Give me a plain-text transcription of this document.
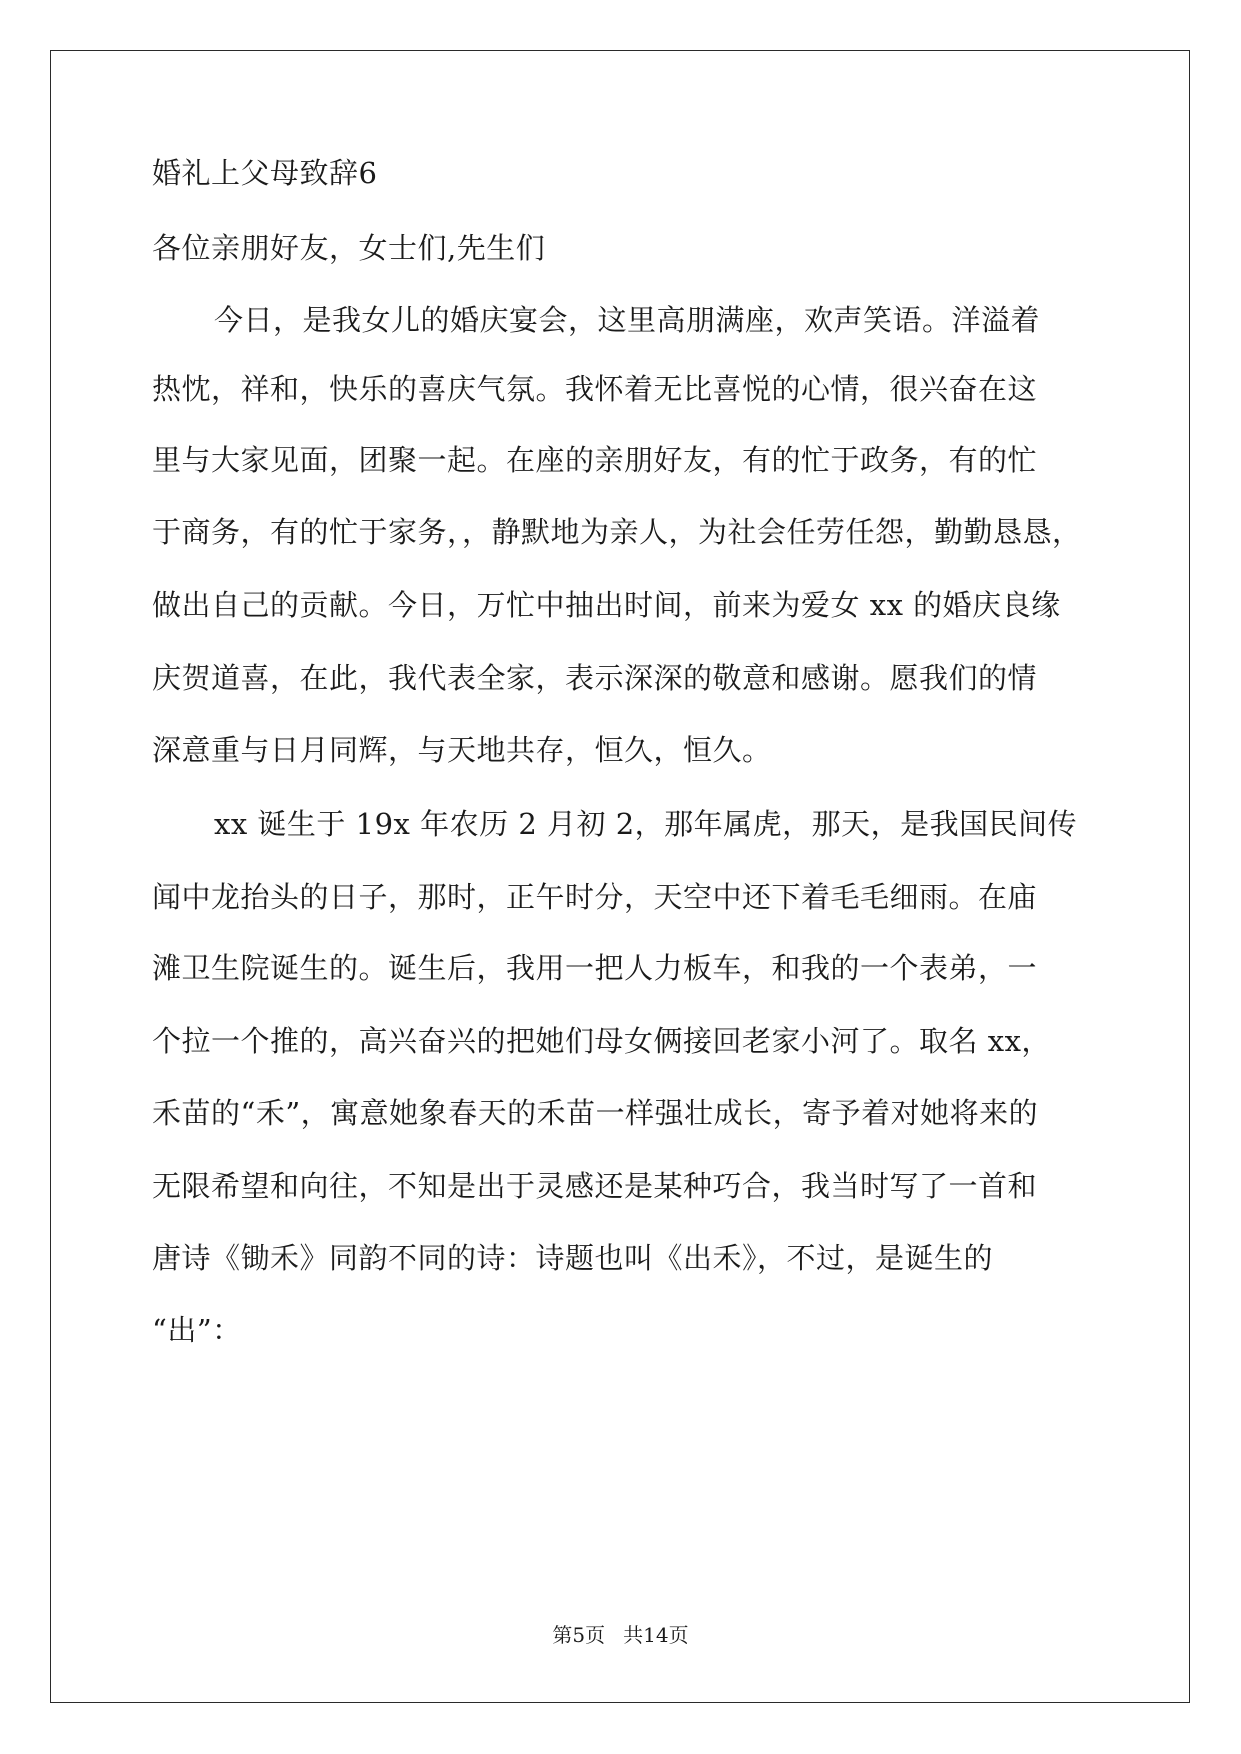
婚礼上父母致辞6
各位亲朋好友，女士们,先生们
今日，是我女儿的婚庆宴会，这里高朋满座，欢声笑语。洋溢着
热忱，祥和，快乐的喜庆气氛。我怀着无比喜悦的心情，很兴奋在这
里与大家见面，团聚一起。在座的亲朋好友，有的忙于政务，有的忙
于商务，有的忙于家务，，静默地为亲人，为社会任劳任怨，勤勤恳恳，
做出自己的贡献。今日，万忙中抽出时间，前来为爱女 xx 的婚庆良缘
庆贺道喜，在此，我代表全家，表示深深的敬意和感谢。愿我们的情
深意重与日月同辉，与天地共存，恒久，恒久。
xx 诞生于 19x 年农历 2 月初 2，那年属虎，那天，是我国民间传
闻中龙抬头的日子，那时，正午时分，天空中还下着毛毛细雨。在庙
滩卫生院诞生的。诞生后，我用一把人力板车，和我的一个表弟，一
个拉一个推的，高兴奋兴的把她们母女俩接回老家小河了。取名 xx，
禾苗的“禾”，寓意她象春天的禾苗一样强壮成长，寄予着对她将来的
无限希望和向往，不知是出于灵感还是某种巧合，我当时写了一首和
唐诗《锄禾》同韵不同的诗：诗题也叫《出禾》，不过，是诞生的
“出”：
第5页 共14页
